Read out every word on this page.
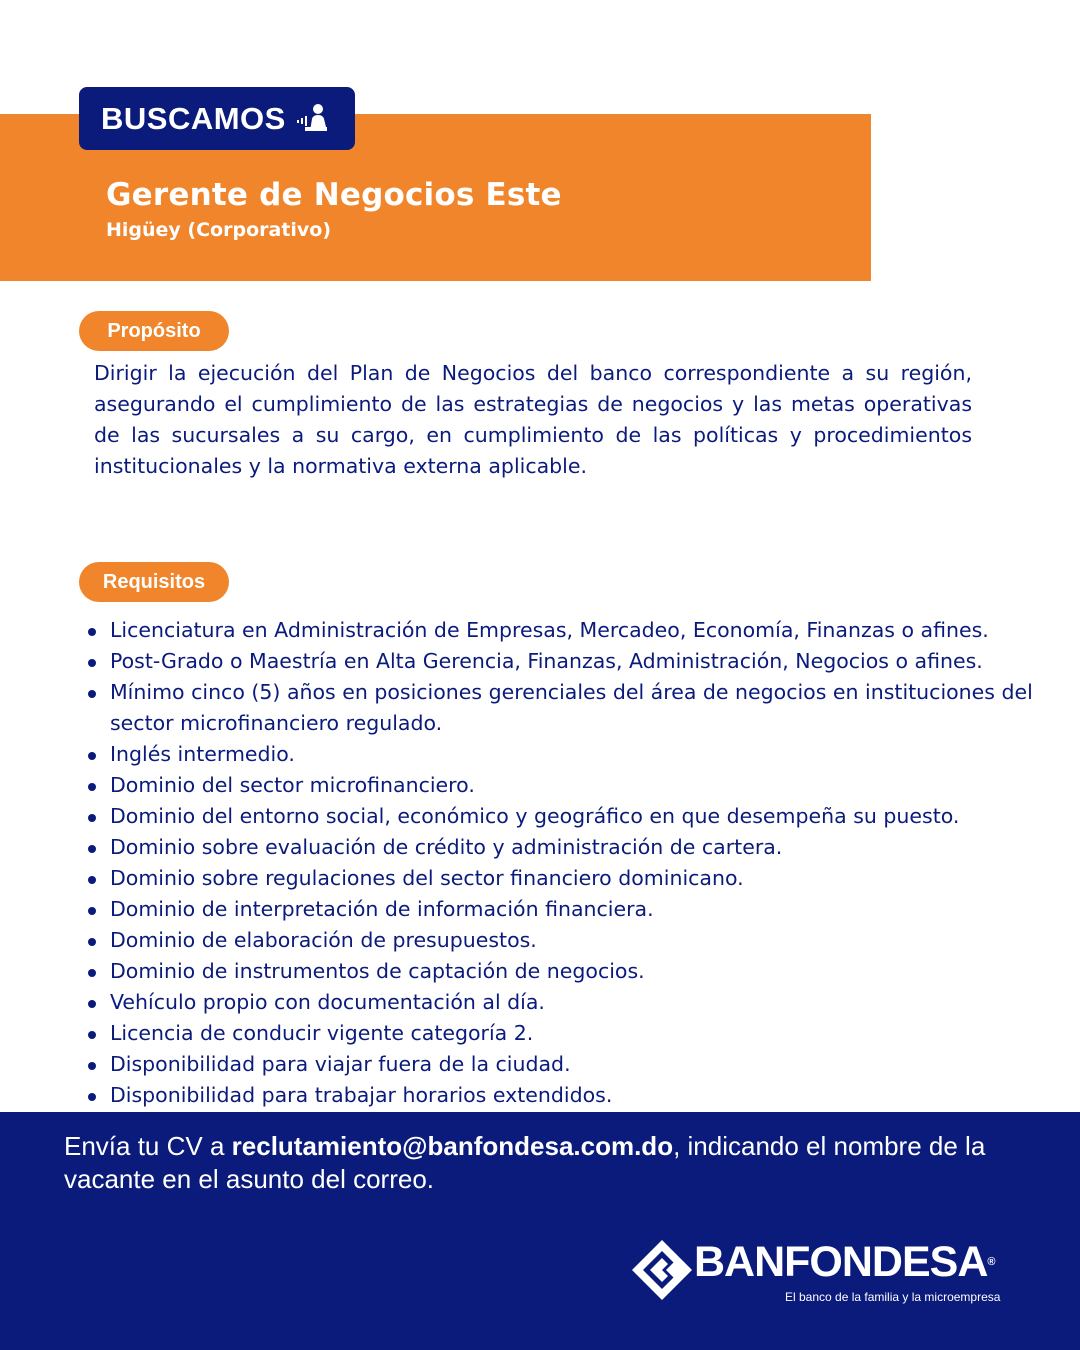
BUSCAMOS
Gerente de Negocios Este
Higüey (Corporativo)
Propósito

Dirigir la ejecución del Plan de Negocios del banco correspondiente a su región, asegurando el cumplimiento de las estrategias de negocios y las metas operativas de las sucursales a su cargo, en cumplimiento de las políticas y procedimientos institucionales y la normativa externa aplicable.

Requisitos
Licenciatura en Administración de Empresas, Mercadeo, Economía, Finanzas o afines.
Post-Grado o Maestría en Alta Gerencia, Finanzas, Administración, Negocios o afines.
Mínimo cinco (5) años en posiciones gerenciales del área de negocios en instituciones del sector microfinanciero regulado.
Inglés intermedio.
Dominio del sector microfinanciero.
Dominio del entorno social, económico y geográfico en que desempeña su puesto.
Dominio sobre evaluación de crédito y administración de cartera.
Dominio sobre regulaciones del sector financiero dominicano.
Dominio de interpretación de información financiera.
Dominio de elaboración de presupuestos.
Dominio de instrumentos de captación de negocios.
Vehículo propio con documentación al día.
Licencia de conducir vigente categoría 2.
Disponibilidad para viajar fuera de la ciudad.
Disponibilidad para trabajar horarios extendidos.

Envía tu CV a reclutamiento@banfondesa.com.do, indicando el nombre de la vacante en el asunto del correo.

BANFONDESA®
El banco de la familia y la microempresa
